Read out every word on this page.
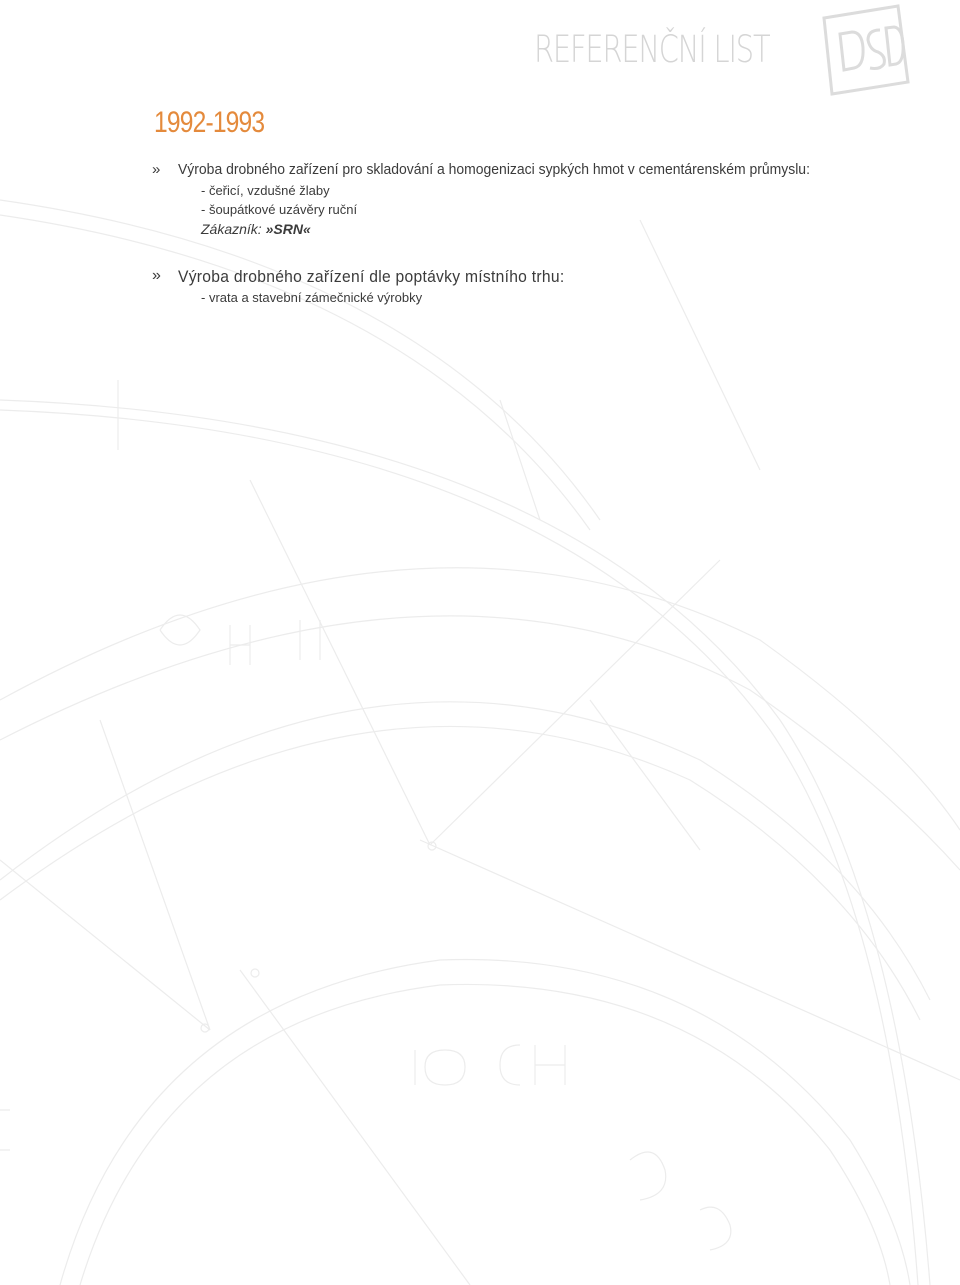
REFERENČNÍ LIST
1992-1993
»	Výroba drobného zařízení pro skladování a homogenizaci sypkých hmot v cementárenském průmyslu:
- čeřicí, vzdušné žlaby
- šoupátkové uzávěry ruční
Zákazník: »SRN«
»	Výroba drobného zařízení dle poptávky místního trhu:
- vrata a stavební zámečnické výrobky
